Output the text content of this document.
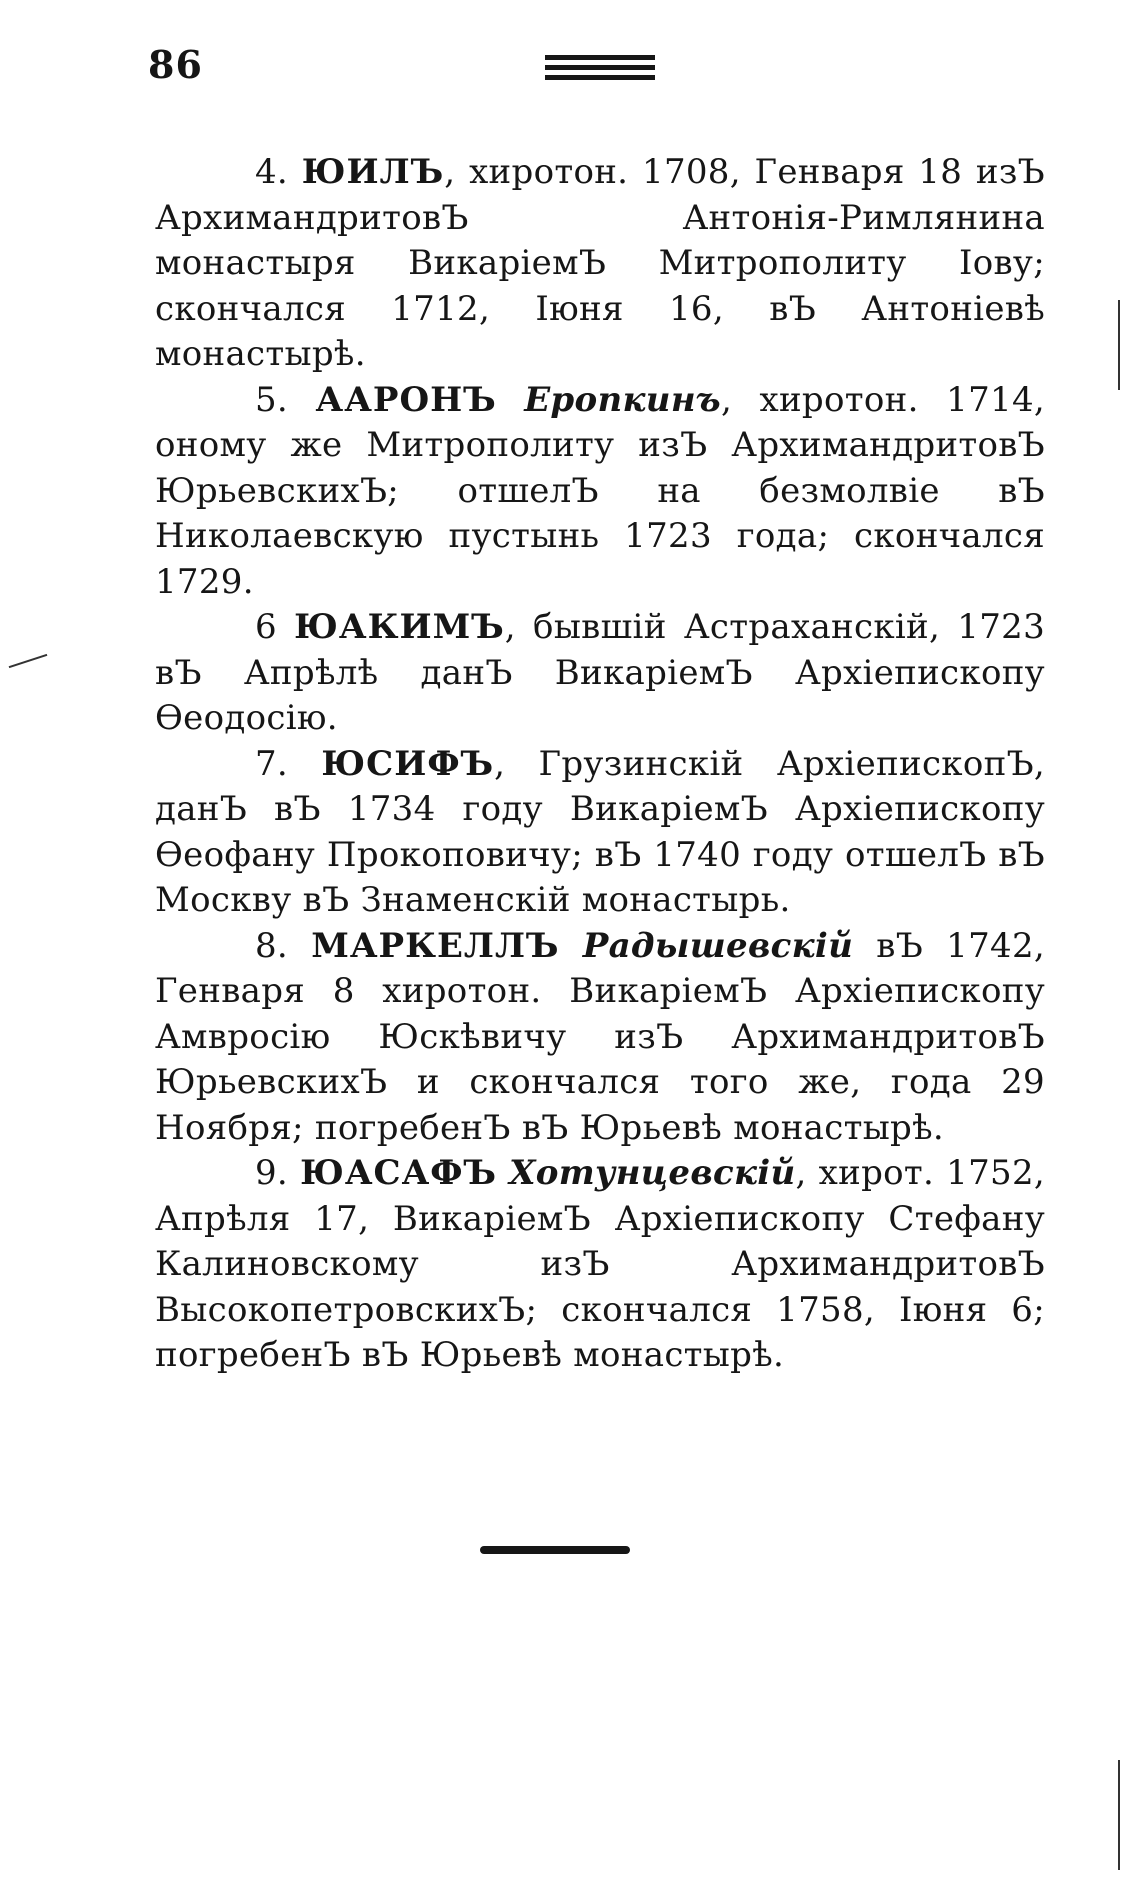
86

4. ЮИЛЪ, хиротон. 1708, Генваря 18 изЪ АрхимандритовЪ Антонія-Римлянина монастыря ВикаріемЪ Митрополиту Іову; скончался 1712, Іюня 16, вЪ Антоніевѣ монастырѣ.

5. ААРОНЪ Еропкинъ, хиротон. 1714, оному же Митрополиту изЪ АрхимандритовЪ ЮрьевскихЪ; отшелЪ на безмолвіе вЪ Николаевскую пустынь 1723 года; скончался 1729.

6 ЮАКИМЪ, бывшій Астраханскій, 1723 вЪ Апрѣлѣ данЪ ВикаріемЪ Архіепископу Ѳеодосію.

7. ЮСИФЪ, Грузинскій АрхіепископЪ, данЪ вЪ 1734 году ВикаріемЪ Архіепископу Ѳеофану Прокоповичу; вЪ 1740 году отшелЪ вЪ Москву вЪ Знаменскій монастырь.

8. МАРКЕЛЛЪ Радышевскій вЪ 1742, Генваря 8 хиротон. ВикаріемЪ Архіепископу Амвросію Юскѣвичу изЪ АрхимандритовЪ ЮрьевскихЪ и скончался того же, года 29 Ноября; погребенЪ вЪ Юрьевѣ монастырѣ.

9. ЮАСАФЪ Хотунцевскій, хирот. 1752, Апрѣля 17, ВикаріемЪ Архіепископу Стефану Калиновскому изЪ АрхимандритовЪ ВысокопетровскихЪ; скончался 1758, Іюня 6; погребенЪ вЪ Юрьевѣ монастырѣ.
